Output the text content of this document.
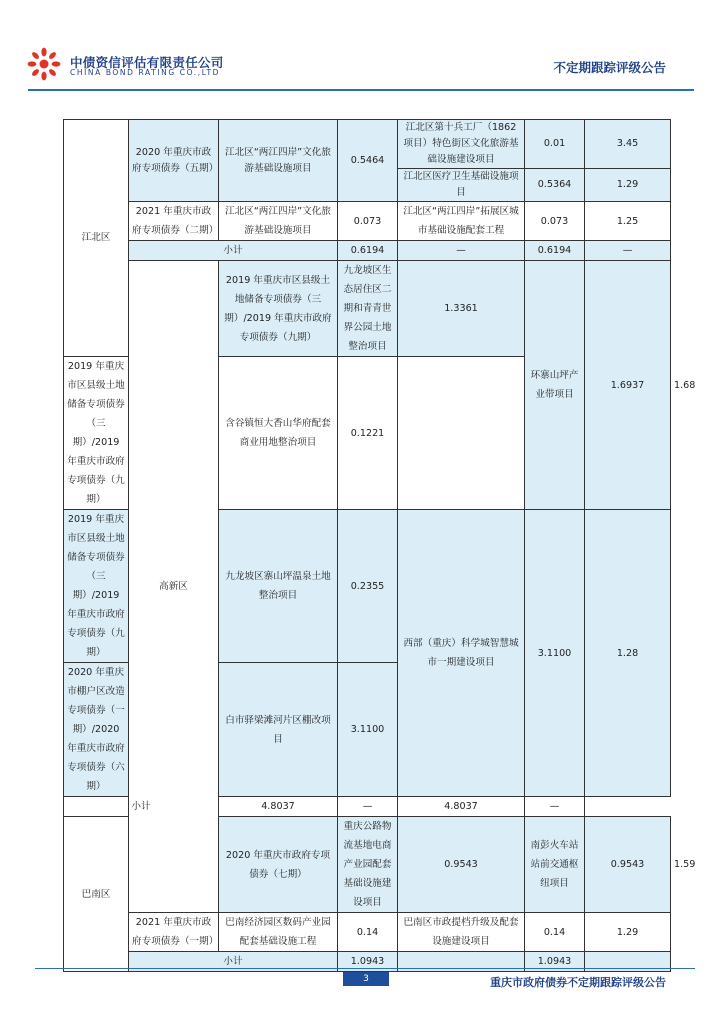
中债资信评估有限责任公司
CHINA BOND RATING CO.,LTD	不定期跟踪评级公告
江北区	2020 年重庆市政府专项债券（五期）	江北区“两江四岸”文化旅游基础设施项目	0.5464	江北区第十兵工厂（1862 项目）特色街区文化旅游基础设施建设项目	0.01	3.45	
				江北区医疗卫生基础设施项目	0.5364	1.29	
	2021 年重庆市政府专项债券（二期）	江北区“两江四岸”文化旅游基础设施项目	0.073	江北区“两江四岸”拓展区城市基础设施配套工程	0.073	1.25	
	小计		0.6194	—	0.6194	—	
	高新区	2019 年重庆市区县级土地储备专项债券（三期）/2019 年重庆市政府专项债券（九期）	九龙坡区生态居住区二期和青青世界公园土地整治项目	1.3361	环寨山坪产业带项目	1.6937	1.68
2019 年重庆市区县级土地储备专项债券（三期）/2019 年重庆市政府专项债券（九期）		含谷镇恒大香山华府配套商业用地整治项目	0.1221				
2019 年重庆市区县级土地储备专项债券（三期）/2019 年重庆市政府专项债券（九期）		九龙坡区寨山坪温泉土地整治项目	0.2355	西部（重庆）科学城智慧城市一期建设项目	3.1100	1.28	
2020 年重庆市棚户区改造专项债券（一期）/2020 年重庆市政府专项债券（六期）		白市驿梁滩河片区棚改项目	3.1100				
小计		4.8037	—	4.8037	—		
巴南区		2020 年重庆市政府专项债券（七期）	重庆公路物流基地电商产业园配套基础设施建设项目	0.9543	南彭火车站站前交通枢纽项目	0.9543	1.59
	2021 年重庆市政府专项债券（一期）	巴南经济园区数码产业园配套基础设施工程	0.14	巴南区市政提档升级及配套设施建设项目	0.14	1.29	
	小计		1.0943		1.0943		
3	重庆市政府债券不定期跟踪评级公告
